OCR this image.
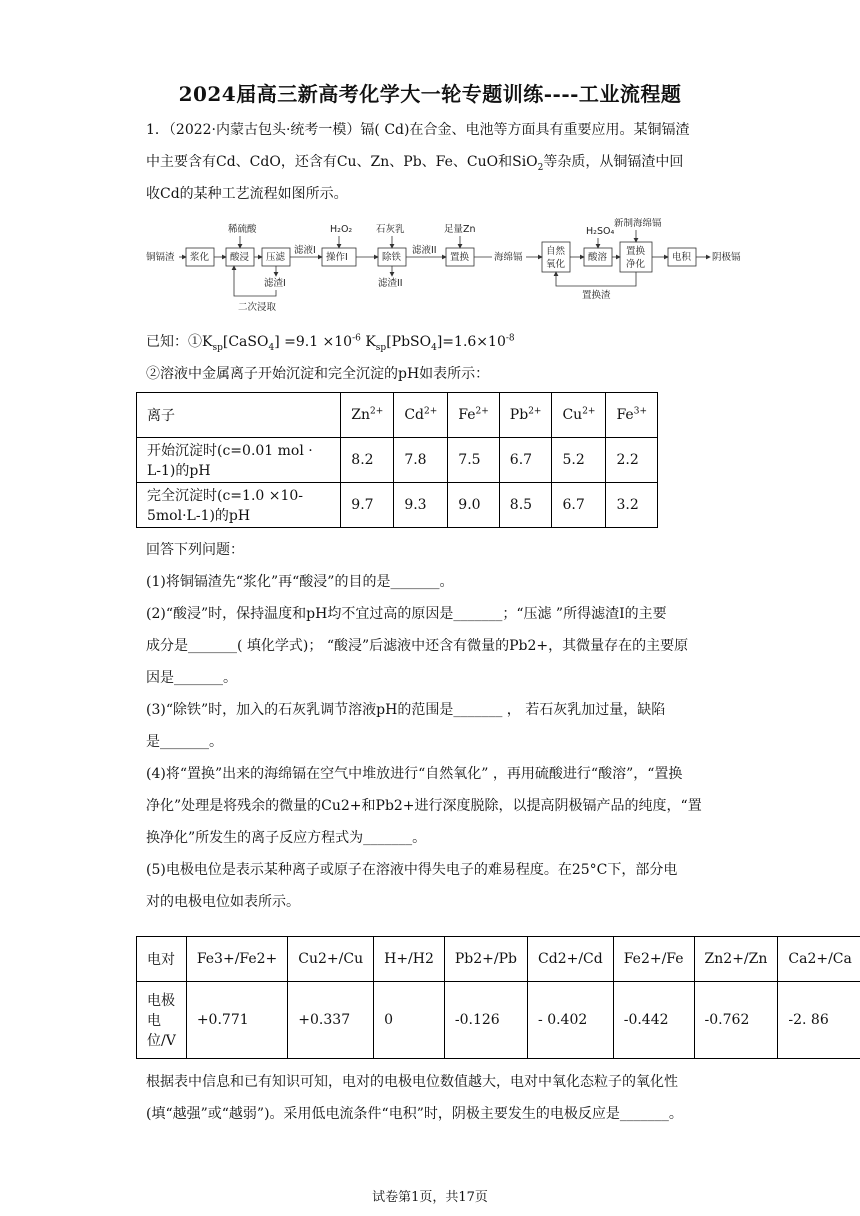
2024届高三新高考化学大一轮专题训练----工业流程题

1．（2022·内蒙古包头·统考一模）镉( Cd)在合金、电池等方面具有重要应用。某铜镉渣

中主要含有Cd、CdO，还含有Cu、Zn、Pb、Fe、CuO和SiO$_2$等杂质，从铜镉渣中回

收Cd的某种工艺流程如图所示。

铜镉渣 浆化 酸浸 压滤
滤液I
操作I	除铁
滤液II
置换	海绵镉
自然
氧化
酸溶
置换
净化
电积 阴极镉
稀硫酸	H₂O₂	石灰乳	足量Zn	H₂SO₄
新制海绵镉
滤渣I	滤渣II
二次浸取
置换渣

已知：$①K_{sp}[CaSO_4] =9.1 \times 10^{-6}$ $K_{sp}[PbSO_4]=1.6\times 10^{-8}$

②溶液中金属离子开始沉淀和完全沉淀的pH如表所示：

离子	$Zn^{2+}$	$Cd^{2+}$	$Fe^{2+}$	$Pb^{2+}$	$Cu^{2+}$	$Fe^{3+}$
开始沉淀时(c=0.01 mol · L-1)的pH	8.2	7.8	7.5	6.7	5.2	2.2
完全沉淀时(c=1.0 ×10-5mol·L-1)的pH	9.7	9.3	9.0	8.5	6.7	3.2

回答下列问题：

(1)将铜镉渣先“浆化”再“酸浸”的目的是_______。

(2)“酸浸”时，保持温度和pH均不宜过高的原因是_______；“压滤 ”所得滤渣I的主要

成分是_______( 填化学式)； “酸浸”后滤液中还含有微量的Pb2+，其微量存在的主要原

因是_______。

(3)“除铁”时，加入的石灰乳调节溶液pH的范围是_______ ， 若石灰乳加过量，缺陷

是_______。

(4)将“置换”出来的海绵镉在空气中堆放进行“自然氧化” ，再用硫酸进行“酸溶”，“置换

净化”处理是将残余的微量的Cu2+和Pb2+进行深度脱除，以提高阴极镉产品的纯度，“置

换净化”所发生的离子反应方程式为_______。

(5)电极电位是表示某种离子或原子在溶液中得失电子的难易程度。在25°C下，部分电

对的电极电位如表所示。

电对	Fe3+/Fe2+	Cu2+/Cu	H+/H2	Pb2+/Pb	Cd2+/Cd	Fe2+/Fe	Zn2+/Zn	Ca2+/Ca
电极电位/V	+0.771	+0.337	0	-0.126	- 0.402	-0.442	-0.762	-2. 86

根据表中信息和已有知识可知，电对的电极电位数值越大，电对中氧化态粒子的氧化性

(填“越强”或“越弱”)。采用低电流条件“电积”时，阴极主要发生的电极反应是_______。

试卷第1页，共17页
